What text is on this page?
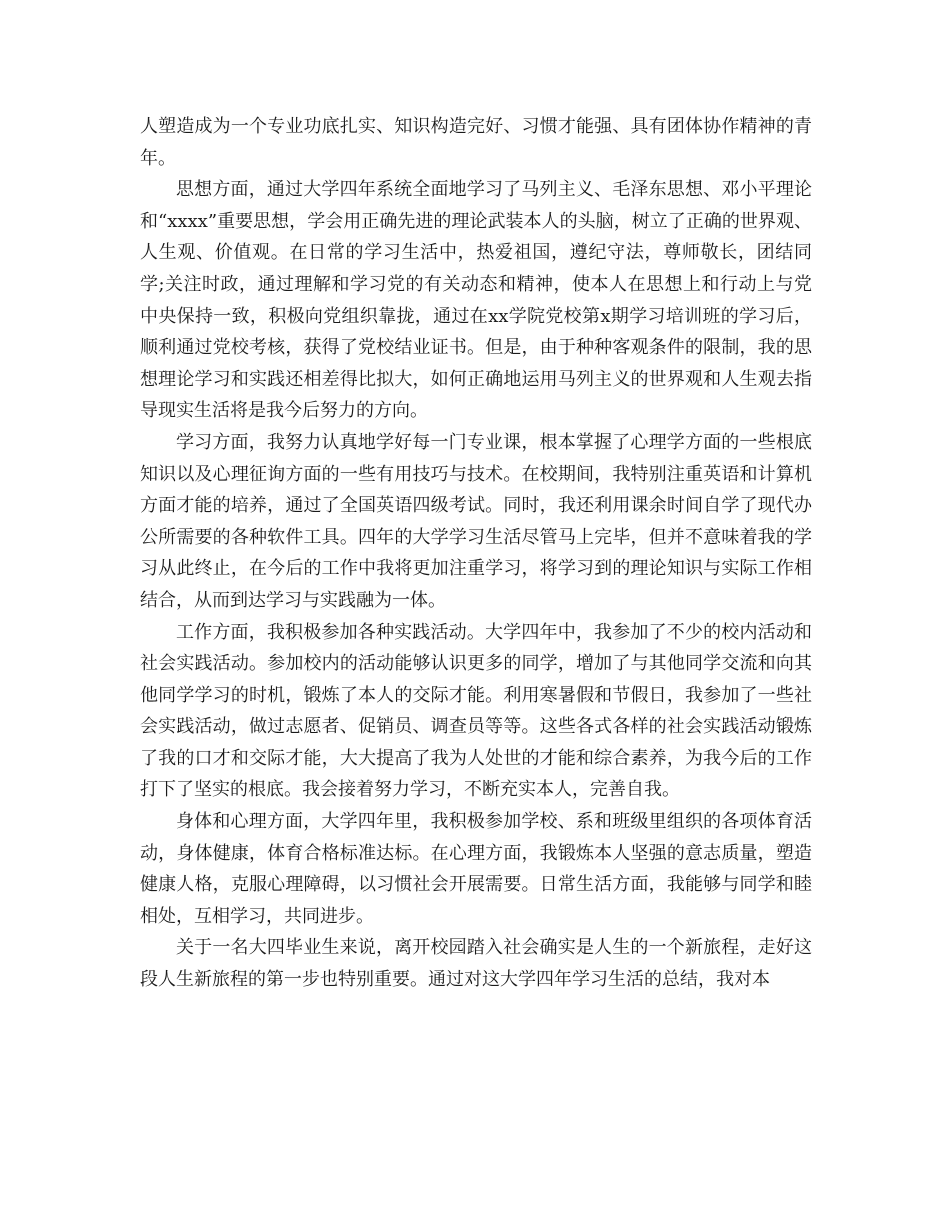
人塑造成为一个专业功底扎实、知识构造完好、习惯才能强、具有团体协作精神的青年。

思想方面，通过大学四年系统全面地学习了马列主义、毛泽东思想、邓小平理论和“xxxx”重要思想，学会用正确先进的理论武装本人的头脑，树立了正确的世界观、人生观、价值观。在日常的学习生活中，热爱祖国，遵纪守法，尊师敬长，团结同学;关注时政，通过理解和学习党的有关动态和精神，使本人在思想上和行动上与党中央保持一致，积极向党组织靠拢，通过在xx学院党校第x期学习培训班的学习后，顺利通过党校考核，获得了党校结业证书。但是，由于种种客观条件的限制，我的思想理论学习和实践还相差得比拟大，如何正确地运用马列主义的世界观和人生观去指导现实生活将是我今后努力的方向。

学习方面，我努力认真地学好每一门专业课，根本掌握了心理学方面的一些根底知识以及心理征询方面的一些有用技巧与技术。在校期间，我特别注重英语和计算机方面才能的培养，通过了全国英语四级考试。同时，我还利用课余时间自学了现代办公所需要的各种软件工具。四年的大学学习生活尽管马上完毕，但并不意味着我的学习从此终止，在今后的工作中我将更加注重学习，将学习到的理论知识与实际工作相结合，从而到达学习与实践融为一体。

工作方面，我积极参加各种实践活动。大学四年中，我参加了不少的校内活动和社会实践活动。参加校内的活动能够认识更多的同学，增加了与其他同学交流和向其他同学学习的时机，锻炼了本人的交际才能。利用寒暑假和节假日，我参加了一些社会实践活动，做过志愿者、促销员、调查员等等。这些各式各样的社会实践活动锻炼了我的口才和交际才能，大大提高了我为人处世的才能和综合素养，为我今后的工作打下了坚实的根底。我会接着努力学习，不断充实本人，完善自我。

身体和心理方面，大学四年里，我积极参加学校、系和班级里组织的各项体育活动，身体健康，体育合格标准达标。在心理方面，我锻炼本人坚强的意志质量，塑造健康人格，克服心理障碍，以习惯社会开展需要。日常生活方面，我能够与同学和睦相处，互相学习，共同进步。

关于一名大四毕业生来说，离开校园踏入社会确实是人生的一个新旅程，走好这段人生新旅程的第一步也特别重要。通过对这大学四年学习生活的总结，我对本
